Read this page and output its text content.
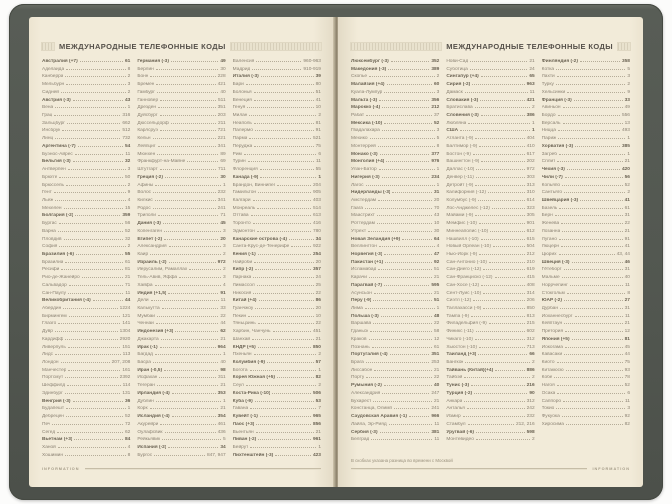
МЕЖДУНАРОДНЫЕ ТЕЛЕФОННЫЕ КОДЫ
Австралия (+7)	61
Аделаида	8
Канберра	2
Мельбурн	3
Сидней	2
Австрия (-3)	43
Вена	1
Грац	316
Зальцбург	662
Инсбрук	512
Линц	732
Аргентина (-7)	54
Буэнос-Айрес	11
Бельгия (-3)	32
Антверпен	3
Брюгге	50
Брюссель	2
Гент	9
Льеж	4
Мехелен	15
Болгария (-2)	359
Бургас	56
Варна	52
Пловдив	32
София	2
Бразилия (-6)	55
Бразилиа	61
Ресифи	81
Рио-де-Жанейро	21
Сальвадор	71
Сан-Паулу	11
Великобритания (-4)	44
Абердин	1224
Бирмингем	121
Глазго	141
Дувр	1304
Кардифф	2920
Ливерпуль	151
Лидс	113
Лондон	207, 208
Манчестер	161
Портсмут	2392
Шеффилд	114
Эдинбург	131
Венгрия (-3)	36
Будапешт	1
Дебрецен	52
Печ	72
Сегед	62
Вьетнам (+3)	84
Ханой	4
Хошимин	8
Германия (-3)	49
Берлин	30
Бонн	228
Бремен	421
Гамбург	40
Ганновер	511
Дрезден	351
Дуйсбург	203
Дюссельдорф	211
Карлсруэ	721
Кельн	221
Лейпциг	341
Мюнхен	89
Франкфурт-на-Майне	69
Штутгарт	711
Греция (-2)	30
Афины	1
Волос	232
Килкис	341
Родос	241
Триполи	71
Дания (-3)	45
Копенгаген	3
Египет (-2)	20
Александрия	3
Каир	2
Израиль (-2)	972
Иерусалим, Рамаллах	2
Тель-Авив, Яффа	3
Хайфа	4
Индия (+1,5)	91
Дели	11
Калькутта	33
Мумбаи	22
Ченнаи	44
Индонезия (+3)	62
Джакарта	21
Ирак (-1)	964
Багдад	1
Басра	40
Иран (-0,5)	98
Исфахан	311
Тегеран	21
Ирландия (-4)	353
Дублин	1
Корк	21
Исландия (-4)	354
Акурейри	461
Оулафсвик	436
Рейкьявик	5
Испания (-2)	34
Бургос	847, 947
Валенсия	960-963
Мадрид	910-919
Италия (-3)	39
Бари	80
Болонья	51
Венеция	41
Генуя	10
Милан	2
Неаполь	81
Палермо	91
Парма	521
Перуджа	75
Рим	6
Турин	11
Флоренция	55
Канада (-9)	1
Брандон, Виннипег	204
Гамильтон	905
Калгари	403
Монреаль	514
Оттава	613
Торонто	416
Эдмонтон	780
Канарские острова (-4)	34
Санта-Крус-де-Тенерифе	922
Кения (-1)	254
Найроби	20
Кипр (-2)	357
Ларнака	24
Лимассол	25
Никосия	22
Китай (+4)	86
Гуанчжоу	20
Пекин	10
Тяньцзинь	22
Харбин, Чанчунь	451
Шанхай	21
КНДР (+5)	850
Пхеньян	2
Колумбия (-9)	57
Богота	1
Корея Южная (+5)	82
Сеул	2
Коста-Рика (-10)	506
Куба (-9)	53
Гавана	7
Кувейт (-1)	965
Лаос (+3)	856
Вьентьян	21
Ливан (-2)	961
Бейрут	1
Лихтенштейн (-3)	423
INFORMATION
МЕЖДУНАРОДНЫЕ ТЕЛЕФОННЫЕ КОДЫ
Люксембург (-3)	352
Македония (-3)	389
Скопье	2
Малайзия (+4)	60
Куала-Лумпур	3
Мальта (-3)	356
Марокко (-4)	212
Рабат	37
Мексика (-10)	52
Гвадалахара	3
Мехико	5
Монтеррей	8
Монако (-3)	377
Монголия (+4)	976
Улан-Батор	1
Нигерия (-3)	234
Лагос	1
Нидерланды (-3)	31
Амстердам	20
Гаага	70
Маастрихт	43
Роттердам	10
Утрехт	30
Новая Зеландия (+9)	64
Веллингтон	4
Норвегия (-3)	47
Пакистан (+1)	92
Исламабад	51
Карачи	21
Парагвай (-7)	595
Асунсьон	21
Перу (-9)	51
Лима	1
Польша (-3)	48
Варшава	22
Гданьск	58
Краков	12
Познань	61
Португалия (-4)	351
Брага	253
Лиссабон	21
Порту	22
Румыния (-2)	40
Александрия	247
Бухарест	21
Констанца, Олимп	241
Саудовская Аравия (-1)	966
Лайла, Эр-Рияд	11
Сербия (-3)	381
Белград	11
Нови-Сад	21
Суботица	24
Сингапур (+4)	65
Сирия (-2)	963
Дамаск	11
Словакия (-3)	421
Братислава	2
Словения (-3)	386
Любляна	1
США	1
Атланта (-9)	404
Балтимор (-9)	410
Бостон (-9)	617
Вашингтон (-9)	202
Даллас (-10)	972
Денвер (-11)	303
Детройт (-9)	313
Калифорния (-12)	310
Колумбус (-9)	614
Лос-Анджелес (-12)	323
Майами (-9)	305
Мемфис (-10)	901
Миннеаполис (-10)	612
Нашвилл (-10)	615
Новый Орлеан (-10)	504
Нью-Йорк (-9)	212
Сан-Антонио (-10)	210
Сан-Диего (-12)	619
Сан-Франциско (-12)	415
Сан-Хосе (-12)	408
Сент-Луис (-10)	314
Сиэтл (-12)	206
Таллахасси (-9)	850
Тампа (-9)	813
Филадельфия (-9)	215
Финикс (-11)	602
Чикаго (-10)	312
Хьюстон (-10)	713
Таиланд (+3)	66
Бангкок	2
Тайвань (Китай)(+4)	886
Тайбэй	2
Тунис (-3)	216
Турция (-2)	90
Анкара	312
Анталья	242
Измир	232
Стамбул	212, 216
Уругвай (-6)	598
Монтевидео	2
Финляндия (-2)	358
Котка	5
Лахти	3
Турку	2
Хельсинки	9
Франция (-3)	33
Авиньон	49
Бордо	556
Версаль	13
Ницца	493
Париж	1
Хорватия (-3)	385
Загреб	1
Сплит	21
Чехия (-3)	420
Чили (-7)	56
Копьяпо	52
Сантьяго	2
Швейцария (-3)	41
Базель	61
Берн	31
Женева	22
Лозанна	21
Лугано	91
Люцерн	41
Цюрих	43, 44
Швеция (-3)	46
Гётеборг	31
Мальме	40
Норрчепинг	11
Стокгольм	8
ЮАР (-2)	27
Дурбан	31
Йоханнесбург	11
Кейптаун	21
Претория	12
Япония (+5)	81
Йокогама	45
Кавасаки	44
Киото	75
Китакюсю	93
Кобе	78
Нагоя	52
Осака	6
Саппоро	11
Токио	3
Фукуока	92
Хиросима	82
В скобках указана разница во времени с Москвой
INFORMATION
